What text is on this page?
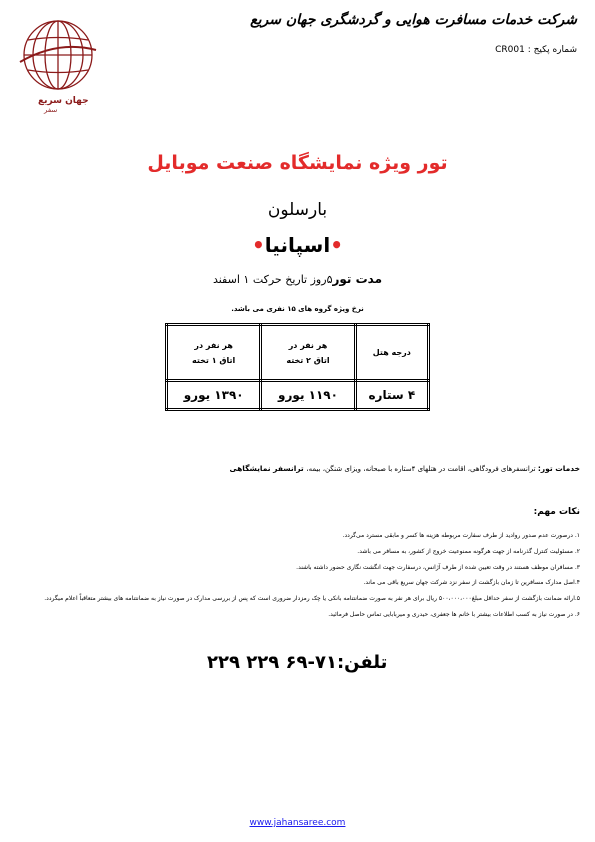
شرکت خدمات مسافرت هوایی و گردشگری جهان سریع
شماره پکیج : CR001
جهان سریع
سفر
تور ویژه نمایشگاه صنعت موبایل
بارسلون
•اسپانیا•
مدت تور۵روز تاریخ حرکت ۱ اسفند
نرخ ویژه گروه های ۱۵ نفری می باشد.
درجه هتل	هر نفر در اتاق ۲ تخته	هر نفر در اتاق ۱ تخته
۴ ستاره	۱۱۹۰ یورو	۱۳۹۰ یورو
خدمات تور: ترانسفرهای فرودگاهی، اقامت در هتلهای ۴ستاره با صبحانه، ویزای شنگن، بیمه، ترانسفر نمایشگاهی
نکات مهم:
۱. درصورت عدم صدور روادید از طرف سفارت مربوطه هزینه ها کسر و مابقی مسترد می‌گردد.
۲. مسئولیت کنترل گذرنامه از جهت هرگونه ممنوعیت خروج از کشور، به مسافر می باشد.
۳. مسافران موظف هستند در وقت تعیین شده از طرف آژانس، درسفارت جهت انگشت نگاری حضور داشته باشند.
۴.اصل مدارک مسافرین تا زمان بازگشت از سفر نزد شرکت جهان سریع باقی می ماند.
۵.ارائه ضمانت بازگشت از سفر حداقل مبلغ۵۰۰،۰۰۰،۰۰۰ ریال برای هر نفر به صورت ضمانتنامه بانکی یا چک رمزدار ضروری است که پس از بررسی مدارک در صورت نیاز به ضمانتنامه های بیشتر متعاقباً اعلام میگردد.
۶. در صورت نیاز به کسب اطلاعات بیشتر با خانم ها جعفری، حیدری و میربابایی تماس حاصل فرمائید.
تلفن:۷۱-۶۹ ۲۲۹ ۲۲۹
www.jahansaree.com
